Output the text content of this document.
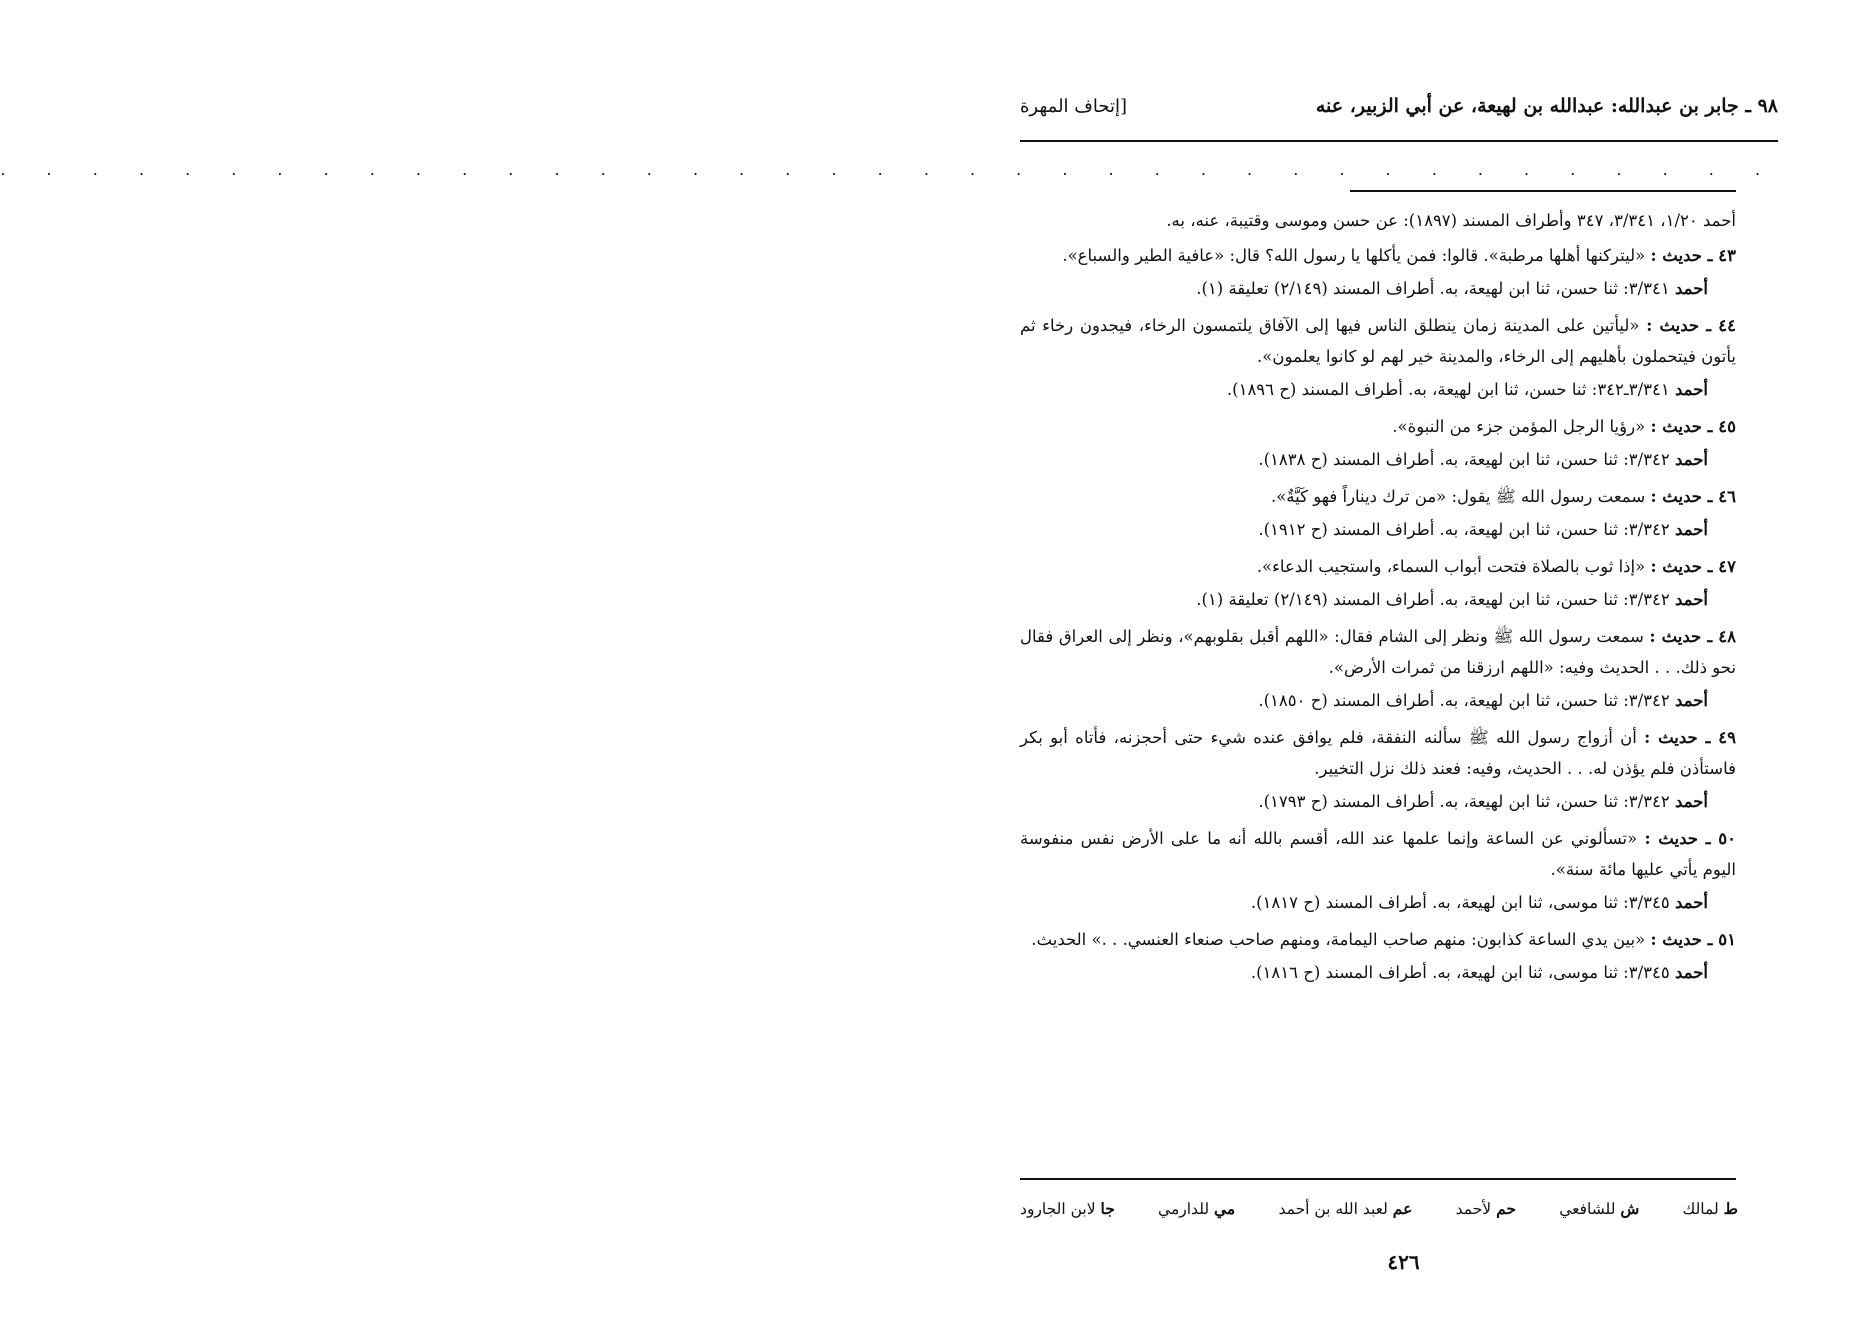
٩٨ ـ جابر بن عبدالله: عبدالله بن لهيعة، عن أبي الزبير، عنه
[إتحاف المهرة
. . . . . . . . . . . . . . . . . . . . . . . . . . . . . . . . . . . . . . .
أحمد ١/٢٠، ٣/٣٤١، ٣٤٧ وأطراف المسند (١٨٩٧): عن حسن وموسى وقتيبة، عنه، به.
٤٣ ـ حديث : «ليتركنها أهلها مرطبة». قالوا: فمن يأكلها يا رسول الله؟ قال: «عافية الطير والسباع».
أحمد ٣/٣٤١: ثنا حسن، ثنا ابن لهيعة، به. أطراف المسند (٢/١٤٩) تعليقة (١).
٤٤ ـ حديث : «ليأتين على المدينة زمان ينطلق الناس فيها إلى الآفاق يلتمسون الرخاء، فيجدون رخاء ثم يأتون فيتحملون بأهليهم إلى الرخاء، والمدينة خير لهم لو كانوا يعلمون».
أحمد ٣/٣٤١ـ٣٤٢: ثنا حسن، ثنا ابن لهيعة، به. أطراف المسند (ح ١٨٩٦).
٤٥ ـ حديث : «رؤيا الرجل المؤمن جزء من النبوة».
أحمد ٣/٣٤٢: ثنا حسن، ثنا ابن لهيعة، به. أطراف المسند (ح ١٨٣٨).
٤٦ ـ حديث : سمعت رسول الله ﷺ يقول: «من ترك ديناراً فهو كَيَّةٌ».
أحمد ٣/٣٤٢: ثنا حسن، ثنا ابن لهيعة، به. أطراف المسند (ح ١٩١٢).
٤٧ ـ حديث : «إذا ثوب بالصلاة فتحت أبواب السماء، واستجيب الدعاء».
أحمد ٣/٣٤٢: ثنا حسن، ثنا ابن لهيعة، به. أطراف المسند (٢/١٤٩) تعليقة (١).
٤٨ ـ حديث : سمعت رسول الله ﷺ ونظر إلى الشام فقال: «اللهم أقبل بقلوبهم»، ونظر إلى العراق فقال نحو ذلك. . . الحديث وفيه: «اللهم ارزقنا من ثمرات الأرض».
أحمد ٣/٣٤٢: ثنا حسن، ثنا ابن لهيعة، به. أطراف المسند (ح ١٨٥٠).
٤٩ ـ حديث : أن أزواج رسول الله ﷺ سألنه النفقة، فلم يوافق عنده شيء حتى أحجزنه، فأتاه أبو بكر فاستأذن فلم يؤذن له. . . الحديث، وفيه: فعند ذلك نزل التخيير.
أحمد ٣/٣٤٢: ثنا حسن، ثنا ابن لهيعة، به. أطراف المسند (ح ١٧٩٣).
٥٠ ـ حديث : «تسألوني عن الساعة وإنما علمها عند الله، أقسم بالله أنه ما على الأرض نفس منفوسة اليوم يأتي عليها مائة سنة».
أحمد ٣/٣٤٥: ثنا موسى، ثنا ابن لهيعة، به. أطراف المسند (ح ١٨١٧).
٥١ ـ حديث : «بين يدي الساعة كذابون: منهم صاحب اليمامة، ومنهم صاحب صنعاء العنسي. . .» الحديث.
أحمد ٣/٣٤٥: ثنا موسى، ثنا ابن لهيعة، به. أطراف المسند (ح ١٨١٦).
ط لمالك
ش للشافعي
حم لأحمد
عم لعبد الله بن أحمد
مي للدارمي
جا لابن الجارود
٤٢٦
